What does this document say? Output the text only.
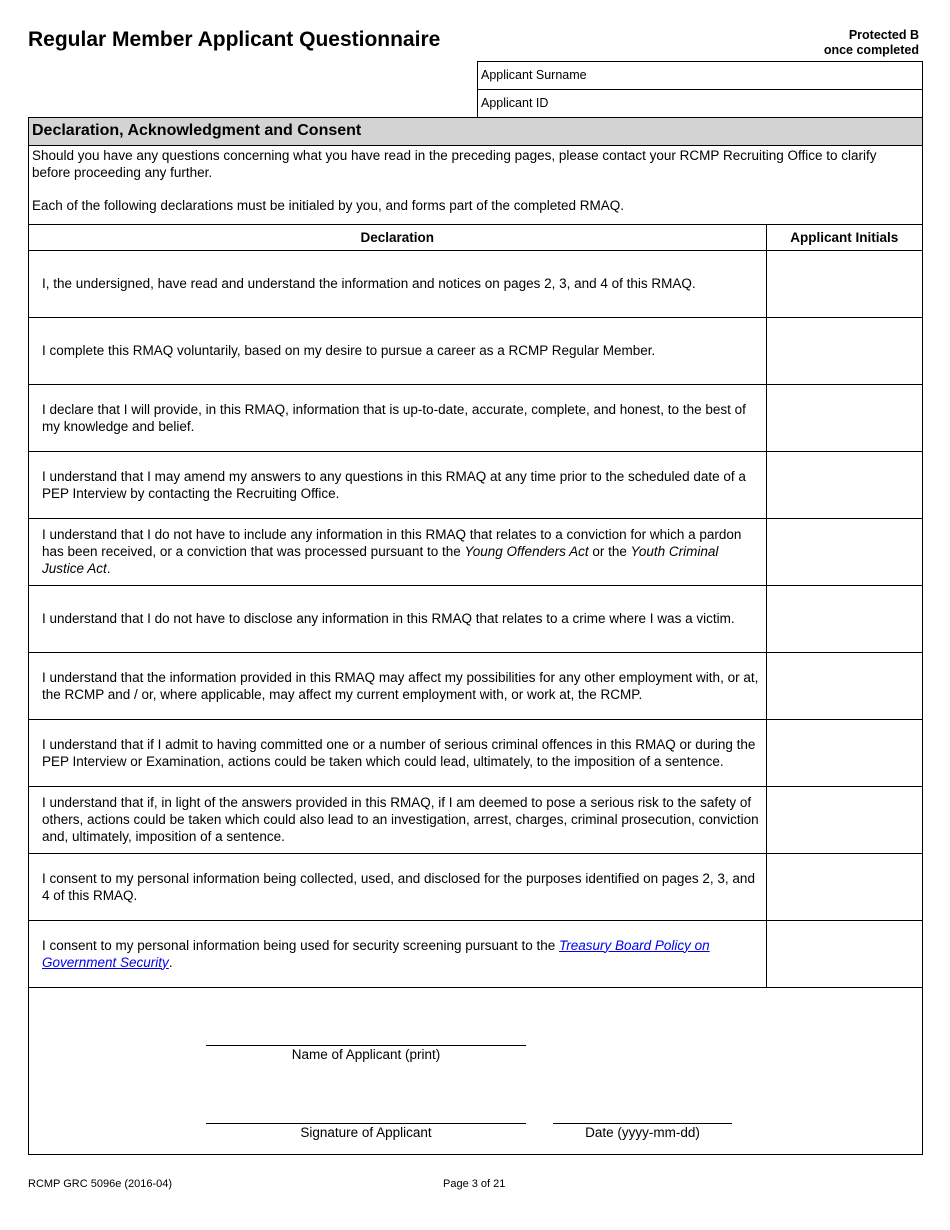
Regular Member Applicant Questionnaire	Protected B
once completed
Applicant Surname
Applicant ID
Declaration, Acknowledgment and Consent

Should you have any questions concerning what you have read in the preceding pages, please contact your RCMP Recruiting Office to clarify before proceeding any further.

Each of the following declarations must be initialed by you, and forms part of the completed RMAQ.

Declaration	Applicant Initials
I, the undersigned, have read and understand the information and notices on pages 2, 3, and 4 of this RMAQ.	
I complete this RMAQ voluntarily, based on my desire to pursue a career as a RCMP Regular Member.	
I declare that I will provide, in this RMAQ, information that is up-to-date, accurate, complete, and honest, to the best of my knowledge and belief.	
I understand that I may amend my answers to any questions in this RMAQ at any time prior to the scheduled date of a PEP Interview by contacting the Recruiting Office.	
I understand that I do not have to include any information in this RMAQ that relates to a conviction for which a pardon has been received, or a conviction that was processed pursuant to the Young Offenders Act or the Youth Criminal Justice Act.	
I understand that I do not have to disclose any information in this RMAQ that relates to a crime where I was a victim.	
I understand that the information provided in this RMAQ may affect my possibilities for any other employment with, or at, the RCMP and / or, where applicable, may affect my current employment with, or work at, the RCMP.	
I understand that if I admit to having committed one or a number of serious criminal offences in this RMAQ or during the PEP Interview or Examination, actions could be taken which could lead, ultimately, to the imposition of a sentence.	
I understand that if, in light of the answers provided in this RMAQ, if I am deemed to pose a serious risk to the safety of others, actions could be taken which could also lead to an investigation, arrest, charges, criminal prosecution, conviction and, ultimately, imposition of a sentence.	
I consent to my personal information being collected, used, and disclosed for the purposes identified on pages 2, 3, and 4 of this RMAQ.	
I consent to my personal information being used for security screening pursuant to the Treasury Board Policy on Government Security.	
Name of Applicant (print)
Signature of Applicant	Date (yyyy-mm-dd)
RCMP GRC 5096e (2016-04)	Page 3 of 21
